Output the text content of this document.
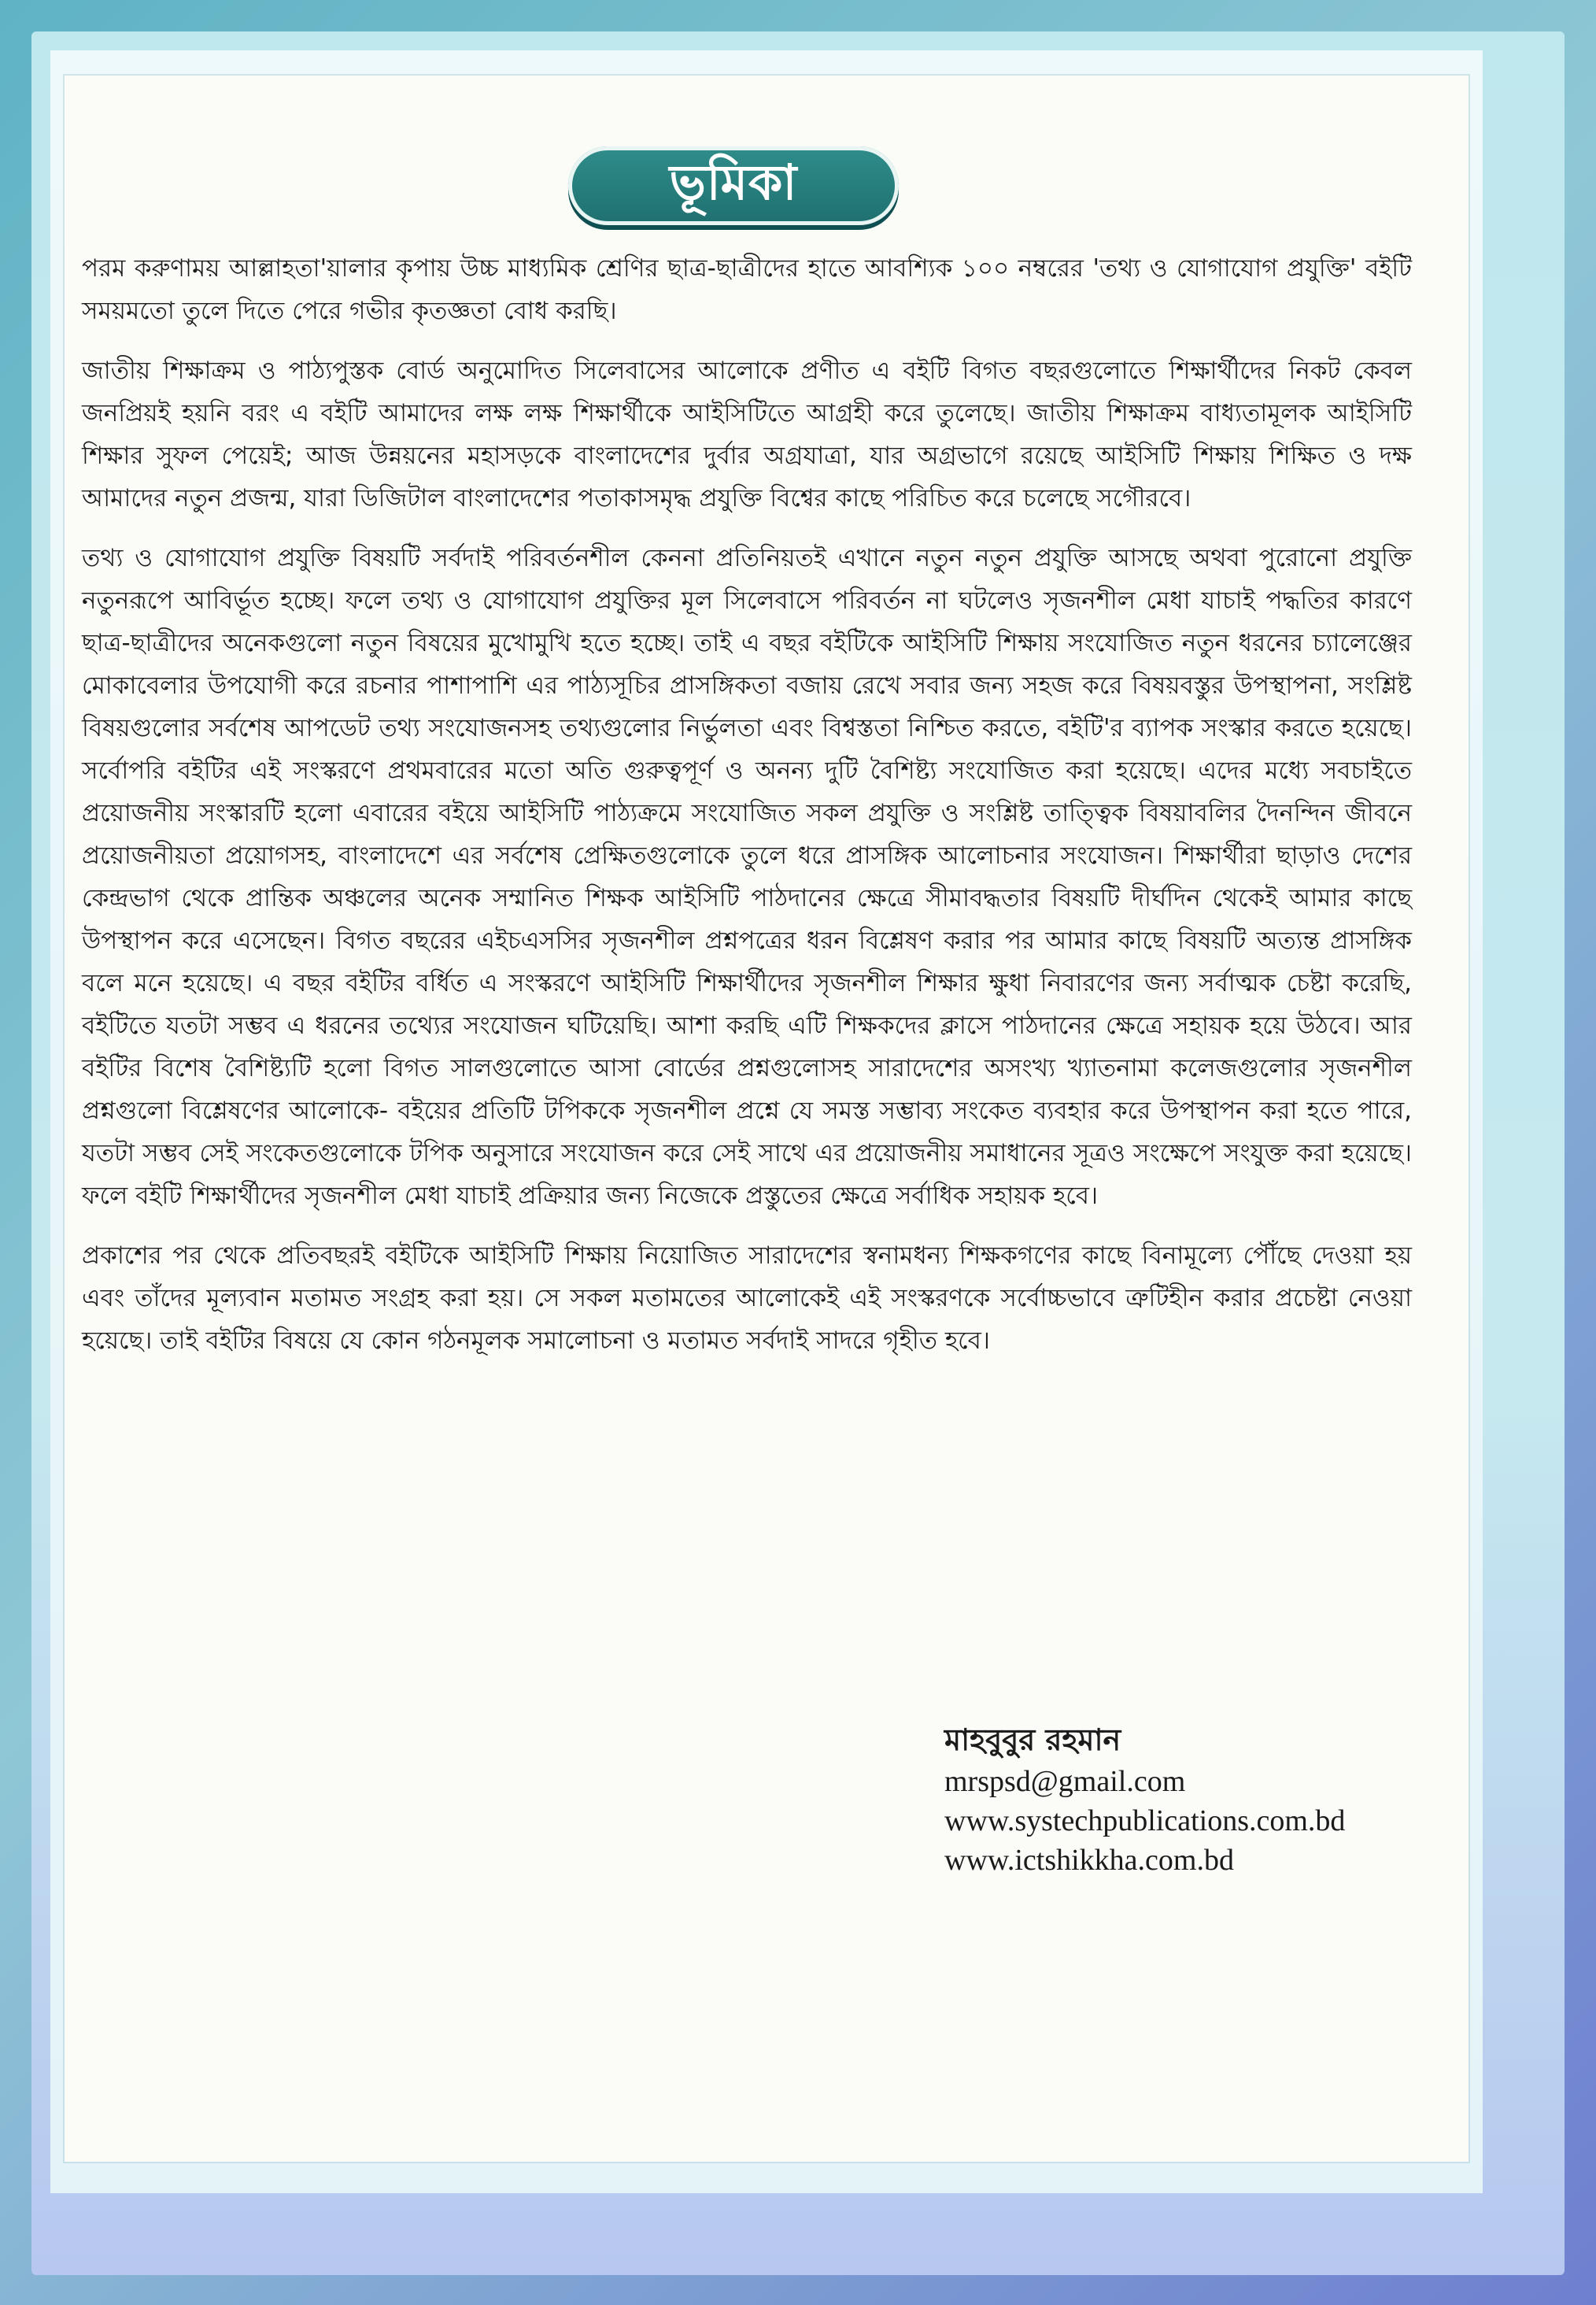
ভূমিকা

পরম করুণাময় আল্লাহতা'য়ালার কৃপায় উচ্চ মাধ্যমিক শ্রেণির ছাত্র-ছাত্রীদের হাতে আবশ্যিক ১০০ নম্বরের 'তথ্য ও যোগাযোগ প্রযুক্তি' বইটি সময়মতো তুলে দিতে পেরে গভীর কৃতজ্ঞতা বোধ করছি।

জাতীয় শিক্ষাক্রম ও পাঠ্যপুস্তক বোর্ড অনুমোদিত সিলেবাসের আলোকে প্রণীত এ বইটি বিগত বছরগুলোতে শিক্ষার্থীদের নিকট কেবল জনপ্রিয়ই হয়নি বরং এ বইটি আমাদের লক্ষ লক্ষ শিক্ষার্থীকে আইসিটিতে আগ্রহী করে তুলেছে। জাতীয় শিক্ষাক্রম বাধ্যতামূলক আইসিটি শিক্ষার সুফল পেয়েই; আজ উন্নয়নের মহাসড়কে বাংলাদেশের দুর্বার অগ্রযাত্রা, যার অগ্রভাগে রয়েছে আইসিটি শিক্ষায় শিক্ষিত ও দক্ষ আমাদের নতুন প্রজন্ম, যারা ডিজিটাল বাংলাদেশের পতাকাসমৃদ্ধ প্রযুক্তি বিশ্বের কাছে পরিচিত করে চলেছে সগৌরবে।

তথ্য ও যোগাযোগ প্রযুক্তি বিষয়টি সর্বদাই পরিবর্তনশীল কেননা প্রতিনিয়তই এখানে নতুন নতুন প্রযুক্তি আসছে অথবা পুরোনো প্রযুক্তি নতুনরূপে আবির্ভূত হচ্ছে। ফলে তথ্য ও যোগাযোগ প্রযুক্তির মূল সিলেবাসে পরিবর্তন না ঘটলেও সৃজনশীল মেধা যাচাই পদ্ধতির কারণে ছাত্র-ছাত্রীদের অনেকগুলো নতুন বিষয়ের মুখোমুখি হতে হচ্ছে। তাই এ বছর বইটিকে আইসিটি শিক্ষায় সংযোজিত নতুন ধরনের চ্যালেঞ্জের মোকাবেলার উপযোগী করে রচনার পাশাপাশি এর পাঠ্যসূচির প্রাসঙ্গিকতা বজায় রেখে সবার জন্য সহজ করে বিষয়বস্তুর উপস্থাপনা, সংশ্লিষ্ট বিষয়গুলোর সর্বশেষ আপডেট তথ্য সংযোজনসহ তথ্যগুলোর নির্ভুলতা এবং বিশ্বস্ততা নিশ্চিত করতে, বইটি'র ব্যাপক সংস্কার করতে হয়েছে। সর্বোপরি বইটির এই সংস্করণে প্রথমবারের মতো অতি গুরুত্বপূর্ণ ও অনন্য দুটি বৈশিষ্ট্য সংযোজিত করা হয়েছে। এদের মধ্যে সবচাইতে প্রয়োজনীয় সংস্কারটি হলো এবারের বইয়ে আইসিটি পাঠ্যক্রমে সংযোজিত সকল প্রযুক্তি ও সংশ্লিষ্ট তাত্ত্বিক বিষয়াবলির দৈনন্দিন জীবনে প্রয়োজনীয়তা প্রয়োগসহ, বাংলাদেশে এর সর্বশেষ প্রেক্ষিতগুলোকে তুলে ধরে প্রাসঙ্গিক আলোচনার সংযোজন। শিক্ষার্থীরা ছাড়াও দেশের কেন্দ্রভাগ থেকে প্রান্তিক অঞ্চলের অনেক সম্মানিত শিক্ষক আইসিটি পাঠদানের ক্ষেত্রে সীমাবদ্ধতার বিষয়টি দীর্ঘদিন থেকেই আমার কাছে উপস্থাপন করে এসেছেন। বিগত বছরের এইচএসসির সৃজনশীল প্রশ্নপত্রের ধরন বিশ্লেষণ করার পর আমার কাছে বিষয়টি অত্যন্ত প্রাসঙ্গিক বলে মনে হয়েছে। এ বছর বইটির বর্ধিত এ সংস্করণে আইসিটি শিক্ষার্থীদের সৃজনশীল শিক্ষার ক্ষুধা নিবারণের জন্য সর্বাত্মক চেষ্টা করেছি, বইটিতে যতটা সম্ভব এ ধরনের তথ্যের সংযোজন ঘটিয়েছি। আশা করছি এটি শিক্ষকদের ক্লাসে পাঠদানের ক্ষেত্রে সহায়ক হয়ে উঠবে। আর বইটির বিশেষ বৈশিষ্ট্যটি হলো বিগত সালগুলোতে আসা বোর্ডের প্রশ্নগুলোসহ সারাদেশের অসংখ্য খ্যাতনামা কলেজগুলোর সৃজনশীল প্রশ্নগুলো বিশ্লেষণের আলোকে- বইয়ের প্রতিটি টপিককে সৃজনশীল প্রশ্নে যে সমস্ত সম্ভাব্য সংকেত ব্যবহার করে উপস্থাপন করা হতে পারে, যতটা সম্ভব সেই সংকেতগুলোকে টপিক অনুসারে সংযোজন করে সেই সাথে এর প্রয়োজনীয় সমাধানের সূত্রও সংক্ষেপে সংযুক্ত করা হয়েছে। ফলে বইটি শিক্ষার্থীদের সৃজনশীল মেধা যাচাই প্রক্রিয়ার জন্য নিজেকে প্রস্তুতের ক্ষেত্রে সর্বাধিক সহায়ক হবে।

প্রকাশের পর থেকে প্রতিবছরই বইটিকে আইসিটি শিক্ষায় নিয়োজিত সারাদেশের স্বনামধন্য শিক্ষকগণের কাছে বিনামূল্যে পৌঁছে দেওয়া হয় এবং তাঁদের মূল্যবান মতামত সংগ্রহ করা হয়। সে সকল মতামতের আলোকেই এই সংস্করণকে সর্বোচ্চভাবে ত্রুটিহীন করার প্রচেষ্টা নেওয়া হয়েছে। তাই বইটির বিষয়ে যে কোন গঠনমূলক সমালোচনা ও মতামত সর্বদাই সাদরে গৃহীত হবে।

মাহবুবুর রহমান
mrspsd@gmail.com
www.systechpublications.com.bd
www.ictshikkha.com.bd
